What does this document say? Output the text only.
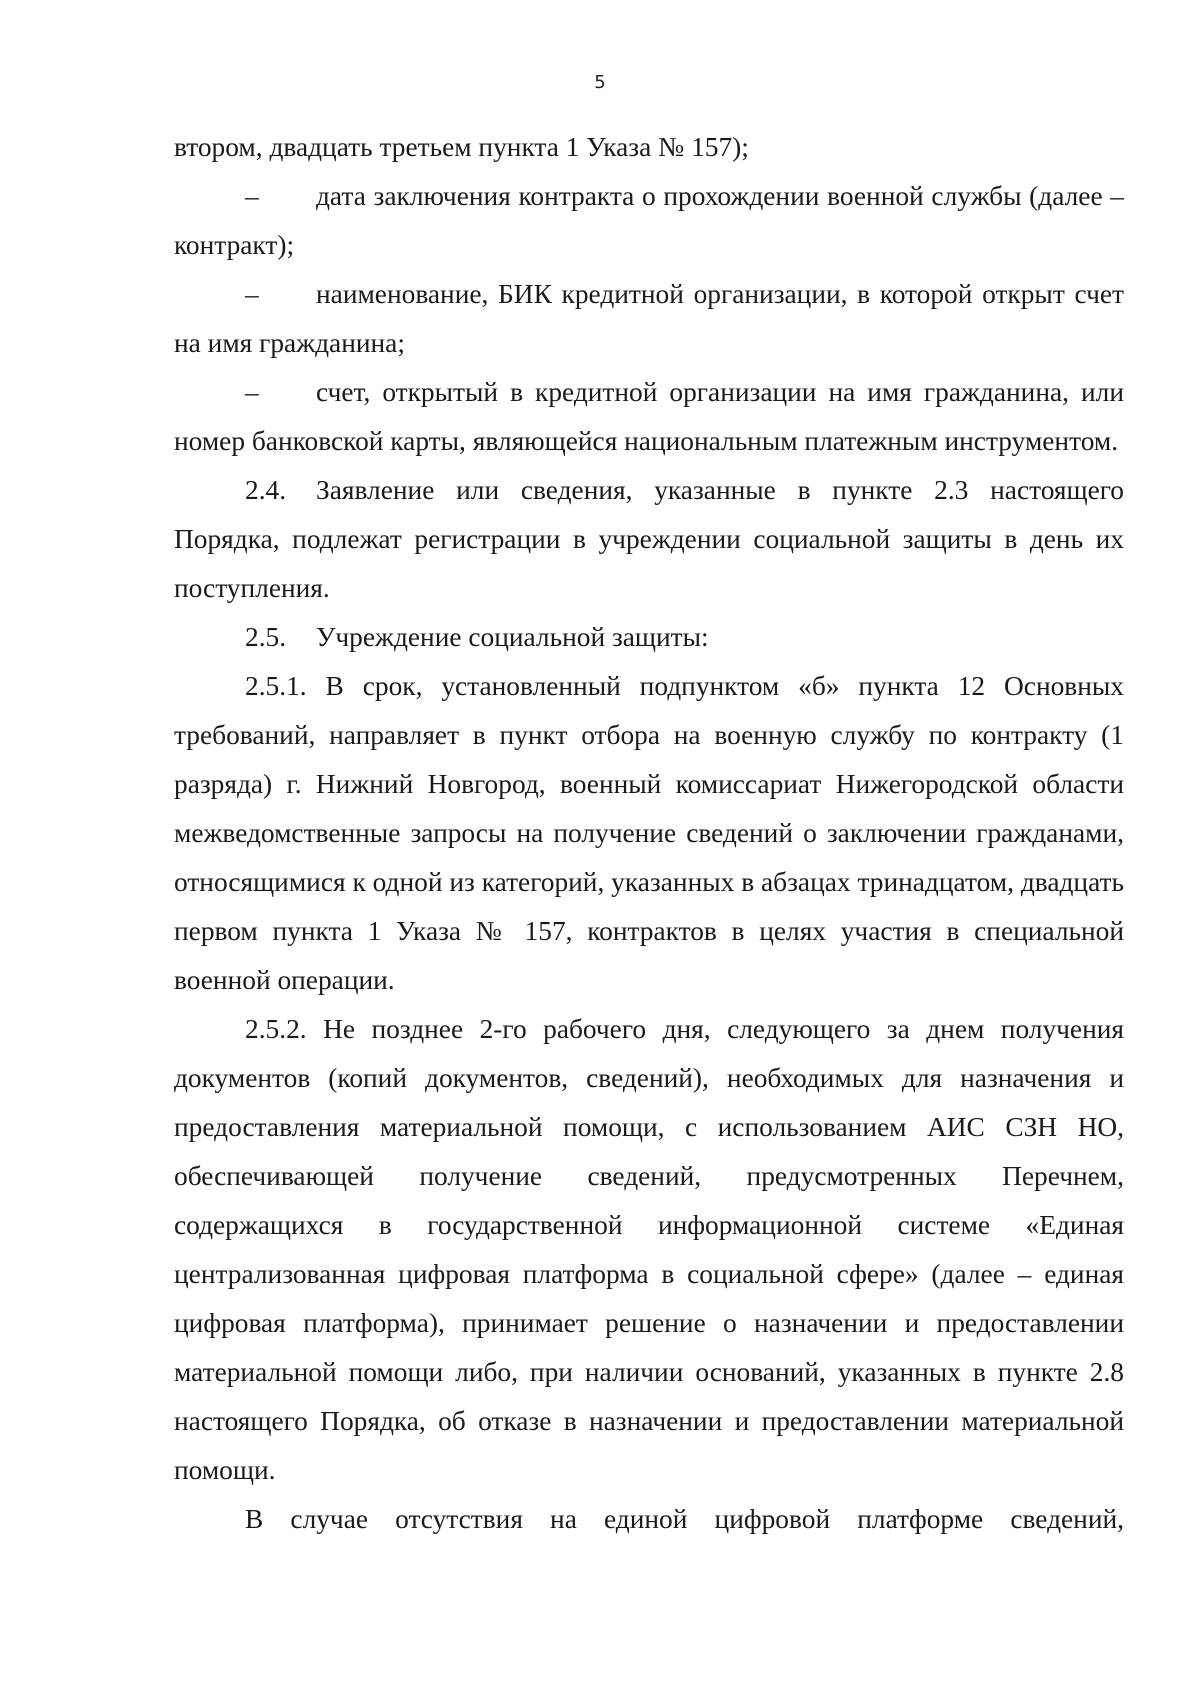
5

втором, двадцать третьем пункта 1 Указа № 157);

– дата заключения контракта о прохождении военной службы (далее – контракт);

– наименование, БИК кредитной организации, в которой открыт счет на имя гражданина;

– счет, открытый в кредитной организации на имя гражданина, или номер банковской карты, являющейся национальным платежным инструментом.

2.4. Заявление или сведения, указанные в пункте 2.3 настоящего Порядка, подлежат регистрации в учреждении социальной защиты в день их поступления.

2.5. Учреждение социальной защиты:

2.5.1. В срок, установленный подпунктом «б» пункта 12 Основных требований, направляет в пункт отбора на военную службу по контракту (1 разряда) г. Нижний Новгород, военный комиссариат Нижегородской области межведомственные запросы на получение сведений о заключении гражданами, относящимися к одной из категорий, указанных в абзацах тринадцатом, двадцать первом пункта 1 Указа № 157, контрактов в целях участия в специальной военной операции.

2.5.2. Не позднее 2-го рабочего дня, следующего за днем получения документов (копий документов, сведений), необходимых для назначения и предоставления материальной помощи, с использованием АИС СЗН НО, обеспечивающей получение сведений, предусмотренных Перечнем, содержащихся в государственной информационной системе «Единая централизованная цифровая платформа в социальной сфере» (далее – единая цифровая платформа), принимает решение о назначении и предоставлении материальной помощи либо, при наличии оснований, указанных в пункте 2.8 настоящего Порядка, об отказе в назначении и предоставлении материальной помощи.

В случае отсутствия на единой цифровой платформе сведений,
